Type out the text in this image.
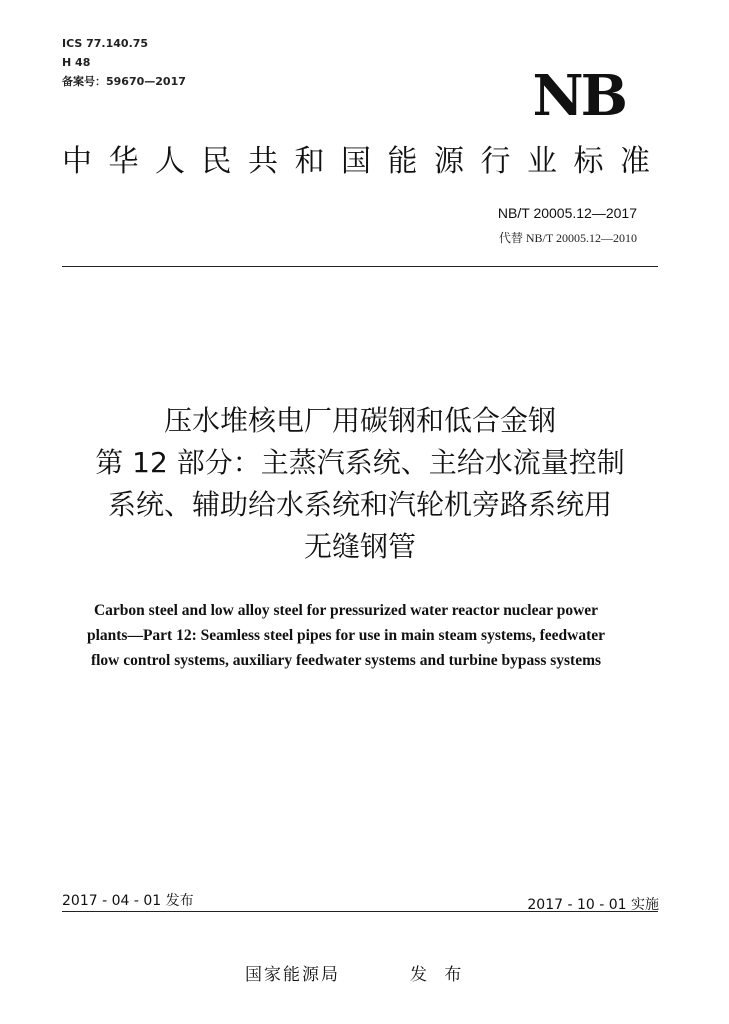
ICS 77.140.75
H 48
备案号：59670—2017	NB
中 华 人 民 共 和 国 能 源 行 业 标 准
NB/T 20005.12—2017
代替 NB/T 20005.12—2010
压水堆核电厂用碳钢和低合金钢
第 12 部分：主蒸汽系统、主给水流量控制
系统、辅助给水系统和汽轮机旁路系统用
无缝钢管
Carbon steel and low alloy steel for pressurized water reactor nuclear power
plants—Part 12: Seamless steel pipes for use in main steam systems, feedwater
flow control systems, auxiliary feedwater systems and turbine bypass systems
2017 - 04 - 01 发布	2017 - 10 - 01 实施
国家能源局	发 布
